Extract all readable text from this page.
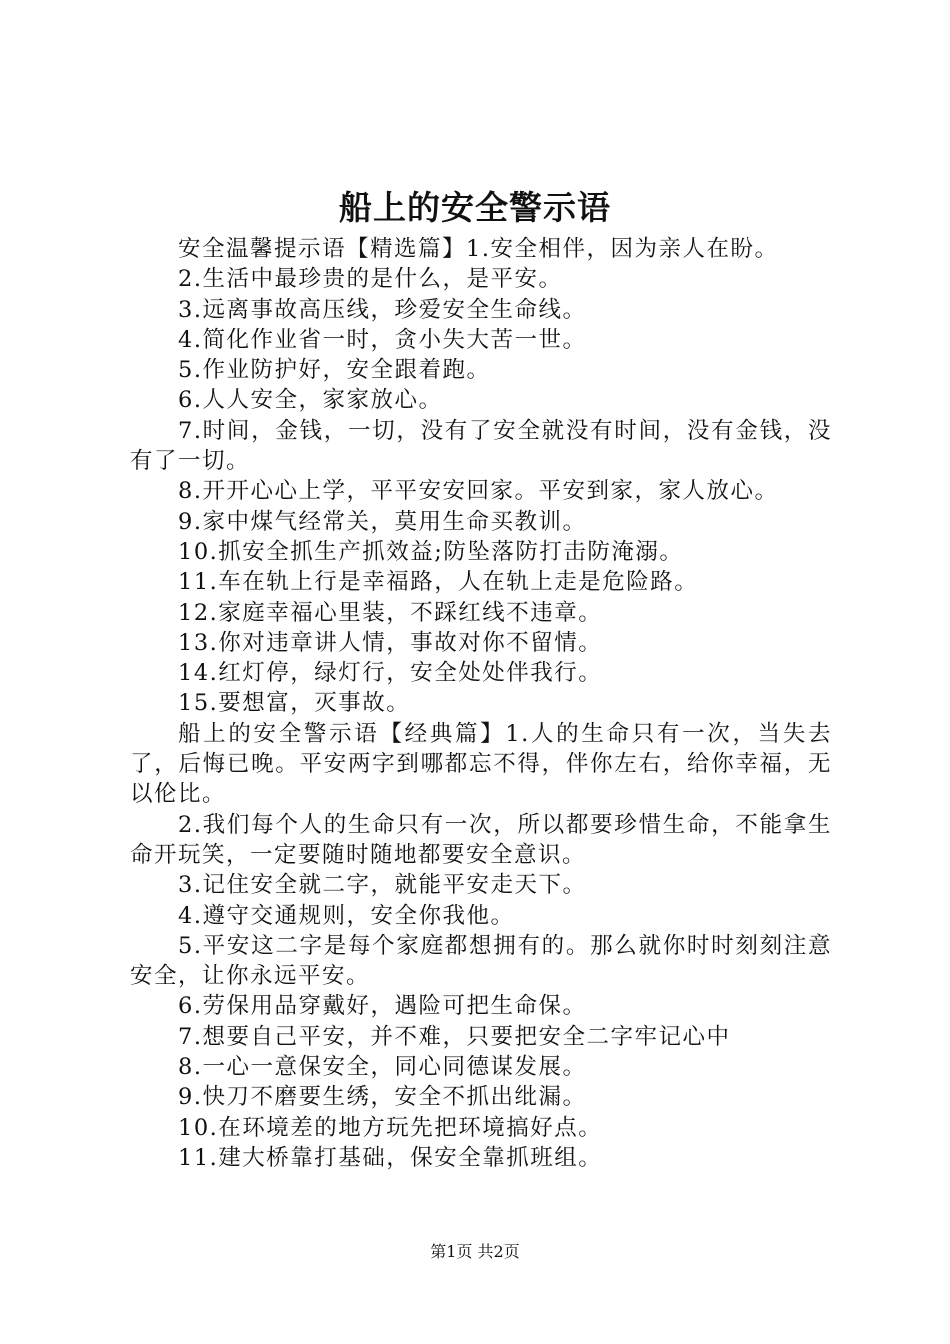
船上的安全警示语

安全温馨提示语【精选篇】1.安全相伴，因为亲人在盼。

2.生活中最珍贵的是什么，是平安。

3.远离事故高压线，珍爱安全生命线。

4.简化作业省一时，贪小失大苦一世。

5.作业防护好，安全跟着跑。

6.人人安全，家家放心。

7.时间，金钱，一切，没有了安全就没有时间，没有金钱，没有了一切。

8.开开心心上学，平平安安回家。平安到家，家人放心。

9.家中煤气经常关，莫用生命买教训。

10.抓安全抓生产抓效益;防坠落防打击防淹溺。

11.车在轨上行是幸福路，人在轨上走是危险路。

12.家庭幸福心里装，不踩红线不违章。

13.你对违章讲人情，事故对你不留情。

14.红灯停，绿灯行，安全处处伴我行。

15.要想富，灭事故。

船上的安全警示语【经典篇】1.人的生命只有一次，当失去了，后悔已晚。平安两字到哪都忘不得，伴你左右，给你幸福，无以伦比。

2.我们每个人的生命只有一次，所以都要珍惜生命，不能拿生命开玩笑，一定要随时随地都要安全意识。

3.记住安全就二字，就能平安走天下。

4.遵守交通规则，安全你我他。

5.平安这二字是每个家庭都想拥有的。那么就你时时刻刻注意安全，让你永远平安。

6.劳保用品穿戴好，遇险可把生命保。

7.想要自己平安，并不难，只要把安全二字牢记心中

8.一心一意保安全，同心同德谋发展。

9.快刀不磨要生绣，安全不抓出纰漏。

10.在环境差的地方玩先把环境搞好点。

11.建大桥靠打基础，保安全靠抓班组。

第1页 共2页
